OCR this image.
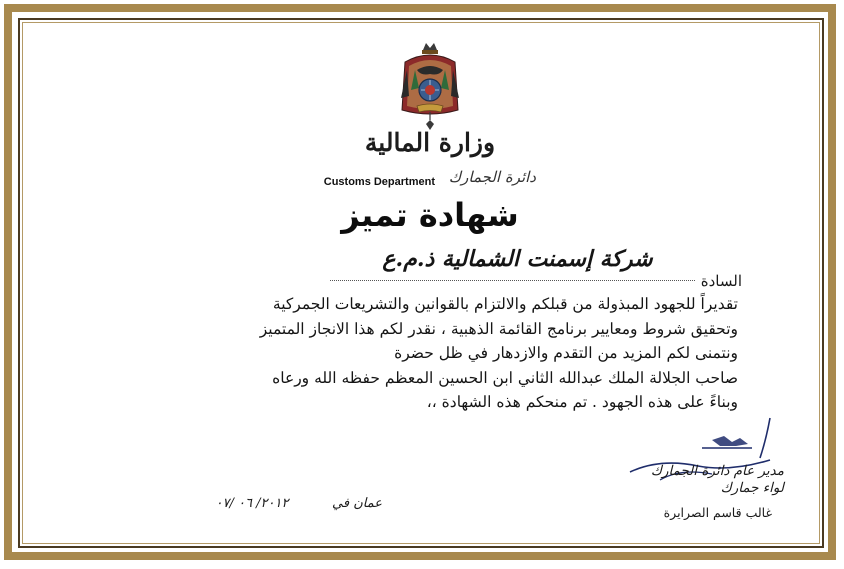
وزارة المالية
دائرة الجمارك
Customs Department
شهادة تميز
شركة إسمنت الشمالية ذ.م.ع
السادة
تقديراً للجهود المبذولة من قبلكم والالتزام بالقوانين والتشريعات الجمركية
وتحقيق شروط ومعايير برنامج القائمة الذهبية ، نقدر لكم هذا الانجاز المتميز
ونتمنى لكم المزيد من التقدم والازدهار في ظل حضرة
صاحب الجلالة الملك عبدالله الثاني ابن الحسين المعظم حفظه الله ورعاه
وبناءً على هذه الجهود . تم منحكم هذه الشهادة ،،
مدير عام دائرة الجمارك
لواء جمارك
غالب قاسم الصرايرة
عمان في
٢٠١٢/ ٠٦ /٠٧
